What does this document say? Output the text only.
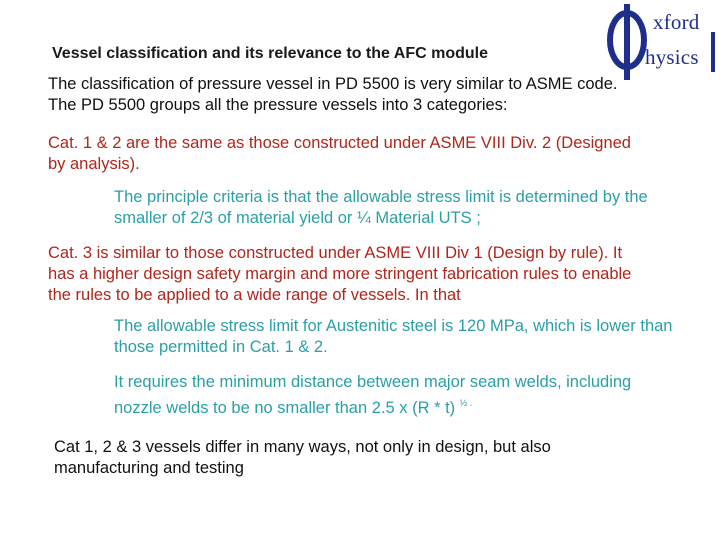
xford
hysics
Vessel classification and its relevance to the AFC module

The classification of pressure vessel in PD 5500 is very similar to ASME code. The PD 5500 groups all the pressure vessels into 3 categories:

Cat. 1 & 2 are the same as those constructed under ASME VIII Div. 2 (Designed by analysis).

The principle criteria is that the allowable stress limit is determined by the smaller of 2/3 of material yield or ¼ Material UTS ;

Cat. 3 is similar to those constructed under ASME VIII Div 1 (Design by rule). It has a higher design safety margin and more stringent fabrication rules to enable the rules to be applied to a wide range of vessels. In that

The allowable stress limit for Austenitic steel is 120 MPa, which is lower than those permitted in Cat. 1 & 2.

It requires the minimum distance between major seam welds, including nozzle welds to be no smaller than 2.5 x (R * t) $^{\frac{1}{2} .}$

Cat 1, 2 & 3 vessels differ in many ways, not only in design, but also manufacturing and testing
